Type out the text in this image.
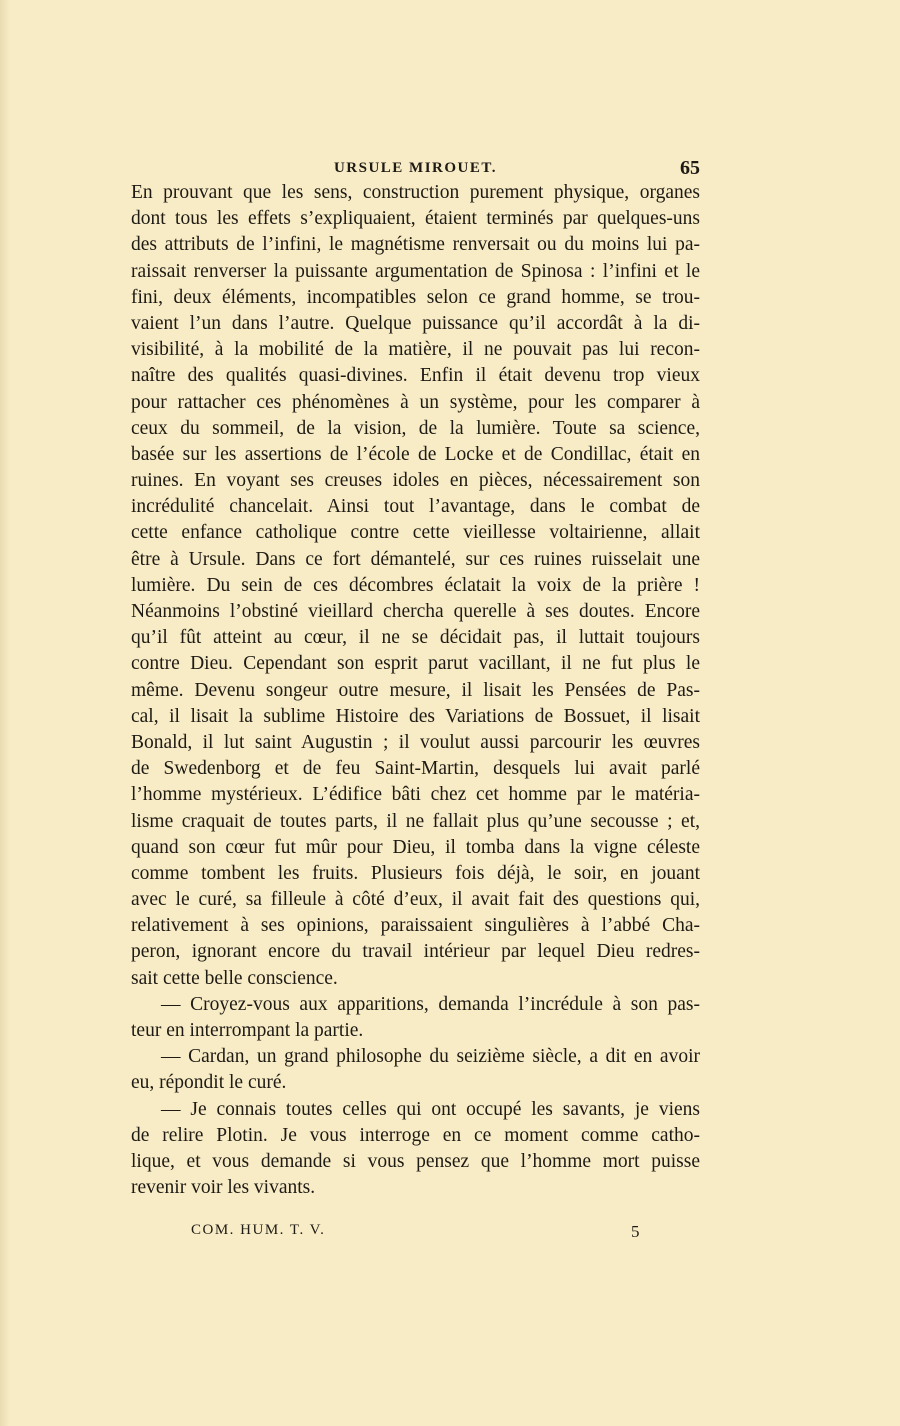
URSULE MIROUET.	65
En prouvant que les sens, construction purement physique, organes
dont tous les effets s’expliquaient, étaient terminés par quelques-uns
des attributs de l’infini, le magnétisme renversait ou du moins lui pa-
raissait renverser la puissante argumentation de Spinosa : l’infini et le
fini, deux éléments, incompatibles selon ce grand homme, se trou-
vaient l’un dans l’autre. Quelque puissance qu’il accordât à la di-
visibilité, à la mobilité de la matière, il ne pouvait pas lui recon-
naître des qualités quasi-divines. Enfin il était devenu trop vieux
pour rattacher ces phénomènes à un système, pour les comparer à
ceux du sommeil, de la vision, de la lumière. Toute sa science,
basée sur les assertions de l’école de Locke et de Condillac, était en
ruines. En voyant ses creuses idoles en pièces, nécessairement son
incrédulité chancelait. Ainsi tout l’avantage, dans le combat de
cette enfance catholique contre cette vieillesse voltairienne, allait
être à Ursule. Dans ce fort démantelé, sur ces ruines ruisselait une
lumière. Du sein de ces décombres éclatait la voix de la prière !
Néanmoins l’obstiné vieillard chercha querelle à ses doutes. Encore
qu’il fût atteint au cœur, il ne se décidait pas, il luttait toujours
contre Dieu. Cependant son esprit parut vacillant, il ne fut plus le
même. Devenu songeur outre mesure, il lisait les Pensées de Pas-
cal, il lisait la sublime Histoire des Variations de Bossuet, il lisait
Bonald, il lut saint Augustin ; il voulut aussi parcourir les œuvres
de Swedenborg et de feu Saint-Martin, desquels lui avait parlé
l’homme mystérieux. L’édifice bâti chez cet homme par le matéria-
lisme craquait de toutes parts, il ne fallait plus qu’une secousse ; et,
quand son cœur fut mûr pour Dieu, il tomba dans la vigne céleste
comme tombent les fruits. Plusieurs fois déjà, le soir, en jouant
avec le curé, sa filleule à côté d’eux, il avait fait des questions qui,
relativement à ses opinions, paraissaient singulières à l’abbé Cha-
peron, ignorant encore du travail intérieur par lequel Dieu redres-
sait cette belle conscience.
— Croyez-vous aux apparitions, demanda l’incrédule à son pas-
teur en interrompant la partie.
— Cardan, un grand philosophe du seizième siècle, a dit en avoir
eu, répondit le curé.
— Je connais toutes celles qui ont occupé les savants, je viens
de relire Plotin. Je vous interroge en ce moment comme catho-
lique, et vous demande si vous pensez que l’homme mort puisse
revenir voir les vivants.
COM. HUM. T. V.	5
